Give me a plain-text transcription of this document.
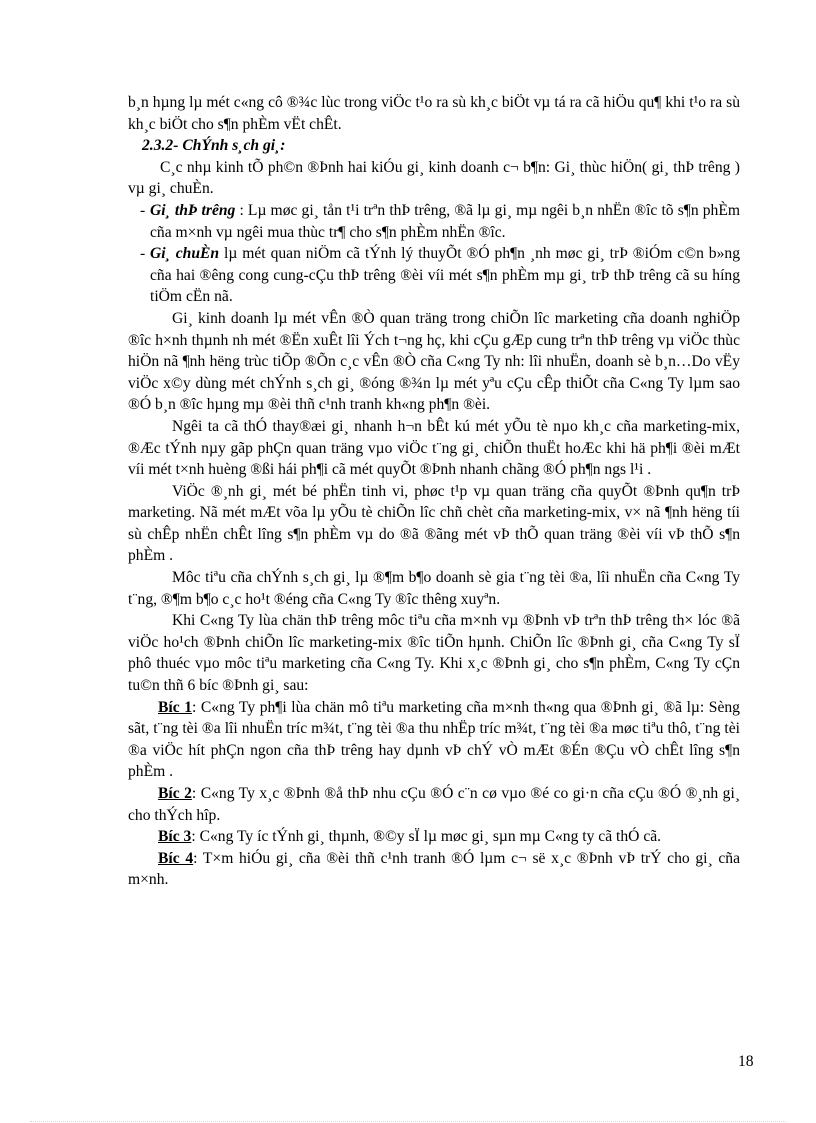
b¸n hµng lµ mét c«ng cô ®¾c lùc trong viÖc t¹o ra sù kh¸c biÖt vµ tá ra cã hiÖu qu¶ khi t¹o ra sù kh¸c biÖt cho s¶n phÈm vËt chÊt.

2.3.2- ChÝnh s¸ch gi¸:

C¸c nhµ kinh tÕ ph©n ®Þnh hai kiÓu gi¸ kinh doanh c¬ b¶n: Gi¸ thùc hiÖn( gi¸ thÞ trêng ) vµ gi¸ chuÈn.

- Gi¸ thÞ trêng : Lµ møc gi¸ tån t¹i trªn thÞ trêng, ®ã lµ gi¸ mµ ngêi b¸n nhËn ®îc tõ s¶n phÈm cña m×nh vµ ngêi mua thùc tr¶ cho s¶n phÈm nhËn ®îc.
- Gi¸ chuÈn lµ mét quan niÖm cã tÝnh lý thuyÕt ®Ó ph¶n ¸nh møc gi¸ trÞ ®iÓm c©n b»ng cña hai ®êng cong cung-cÇu thÞ trêng ®èi víi mét s¶n phÈm mµ gi¸ trÞ thÞ trêng cã su híng tiÖm cËn nã.

Gi¸ kinh doanh lµ mét vÊn ®Ò quan träng trong chiÕn lîc marketing cña doanh nghiÖp ®îc h×nh thµnh nh mét ®Ën xuÊt lîi Ých t¬ng hç, khi cÇu gÆp cung trªn thÞ trêng vµ viÖc thùc hiÖn nã ¶nh hëng trùc tiÕp ®Õn c¸c vÊn ®Ò cña C«ng Ty nh: lîi nhuËn, doanh sè b¸n…Do vËy viÖc x©y dùng mét chÝnh s¸ch gi¸ ®óng ®¾n lµ mét yªu cÇu cÊp thiÕt cña C«ng Ty lµm sao ®Ó b¸n ®îc hµng mµ ®èi thñ c¹nh tranh kh«ng ph¶n ®èi.

Ngêi ta cã thÓ thay®æi gi¸ nhanh h¬n bÊt kú mét yÕu tè nµo kh¸c cña marketing-mix, ®Æc tÝnh nµy gãp phÇn quan träng vµo viÖc t¨ng gi¸ chiÕn thuËt hoÆc khi hä ph¶i ®èi mÆt víi mét t×nh huèng ®ßi hái ph¶i cã mét quyÕt ®Þnh nhanh chãng ®Ó ph¶n ngs l¹i .

ViÖc ®¸nh gi¸ mét bé phËn tinh vi, phøc t¹p vµ quan träng cña quyÕt ®Þnh qu¶n trÞ marketing. Nã mét mÆt võa lµ yÕu tè chiÕn lîc chñ chèt cña marketing-mix, v× nã ¶nh hëng tíi sù chÊp nhËn chÊt lîng s¶n phÈm vµ do ®ã ®ãng mét vÞ thÕ quan träng ®èi víi vÞ thÕ s¶n phÈm .

Môc tiªu cña chÝnh s¸ch gi¸ lµ ®¶m b¶o doanh sè gia t¨ng tèi ®a, lîi nhuËn cña C«ng Ty t¨ng, ®¶m b¶o c¸c ho¹t ®éng cña C«ng Ty ®îc thêng xuyªn.

Khi C«ng Ty lùa chän thÞ trêng môc tiªu cña m×nh vµ ®Þnh vÞ trªn thÞ trêng th× lóc ®ã viÖc ho¹ch ®Þnh chiÕn lîc marketing-mix ®îc tiÕn hµnh. ChiÕn lîc ®Þnh gi¸ cña C«ng Ty sÏ phô thuéc vµo môc tiªu marketing cña C«ng Ty. Khi x¸c ®Þnh gi¸ cho s¶n phÈm, C«ng Ty cÇn tu©n thñ 6 bíc ®Þnh gi¸ sau:

Bíc 1: C«ng Ty ph¶i lùa chän mô tiªu marketing cña m×nh th«ng qua ®Þnh gi¸ ®ã lµ: Sèng sãt, t¨ng tèi ®a lîi nhuËn tríc m¾t, t¨ng tèi ®a thu nhËp tríc m¾t, t¨ng tèi ®a møc tiªu thô, t¨ng tèi ®a viÖc hít phÇn ngon cña thÞ trêng hay dµnh vÞ chÝ vÒ mÆt ®Én ®Çu vÒ chÊt lîng s¶n phÈm .

Bíc 2: C«ng Ty x¸c ®Þnh ®å thÞ nhu cÇu ®Ó c¨n cø vµo ®é co gi·n cña cÇu ®Ó ®¸nh gi¸ cho thÝch hîp.

Bíc 3: C«ng Ty íc tÝnh gi¸ thµnh, ®©y sÏ lµ møc gi¸ sµn mµ C«ng ty cã thÓ cã.

Bíc 4: T×m hiÓu gi¸ cña ®èi thñ c¹nh tranh ®Ó lµm c¬ së x¸c ®Þnh vÞ trÝ cho gi¸ cña m×nh.

18
